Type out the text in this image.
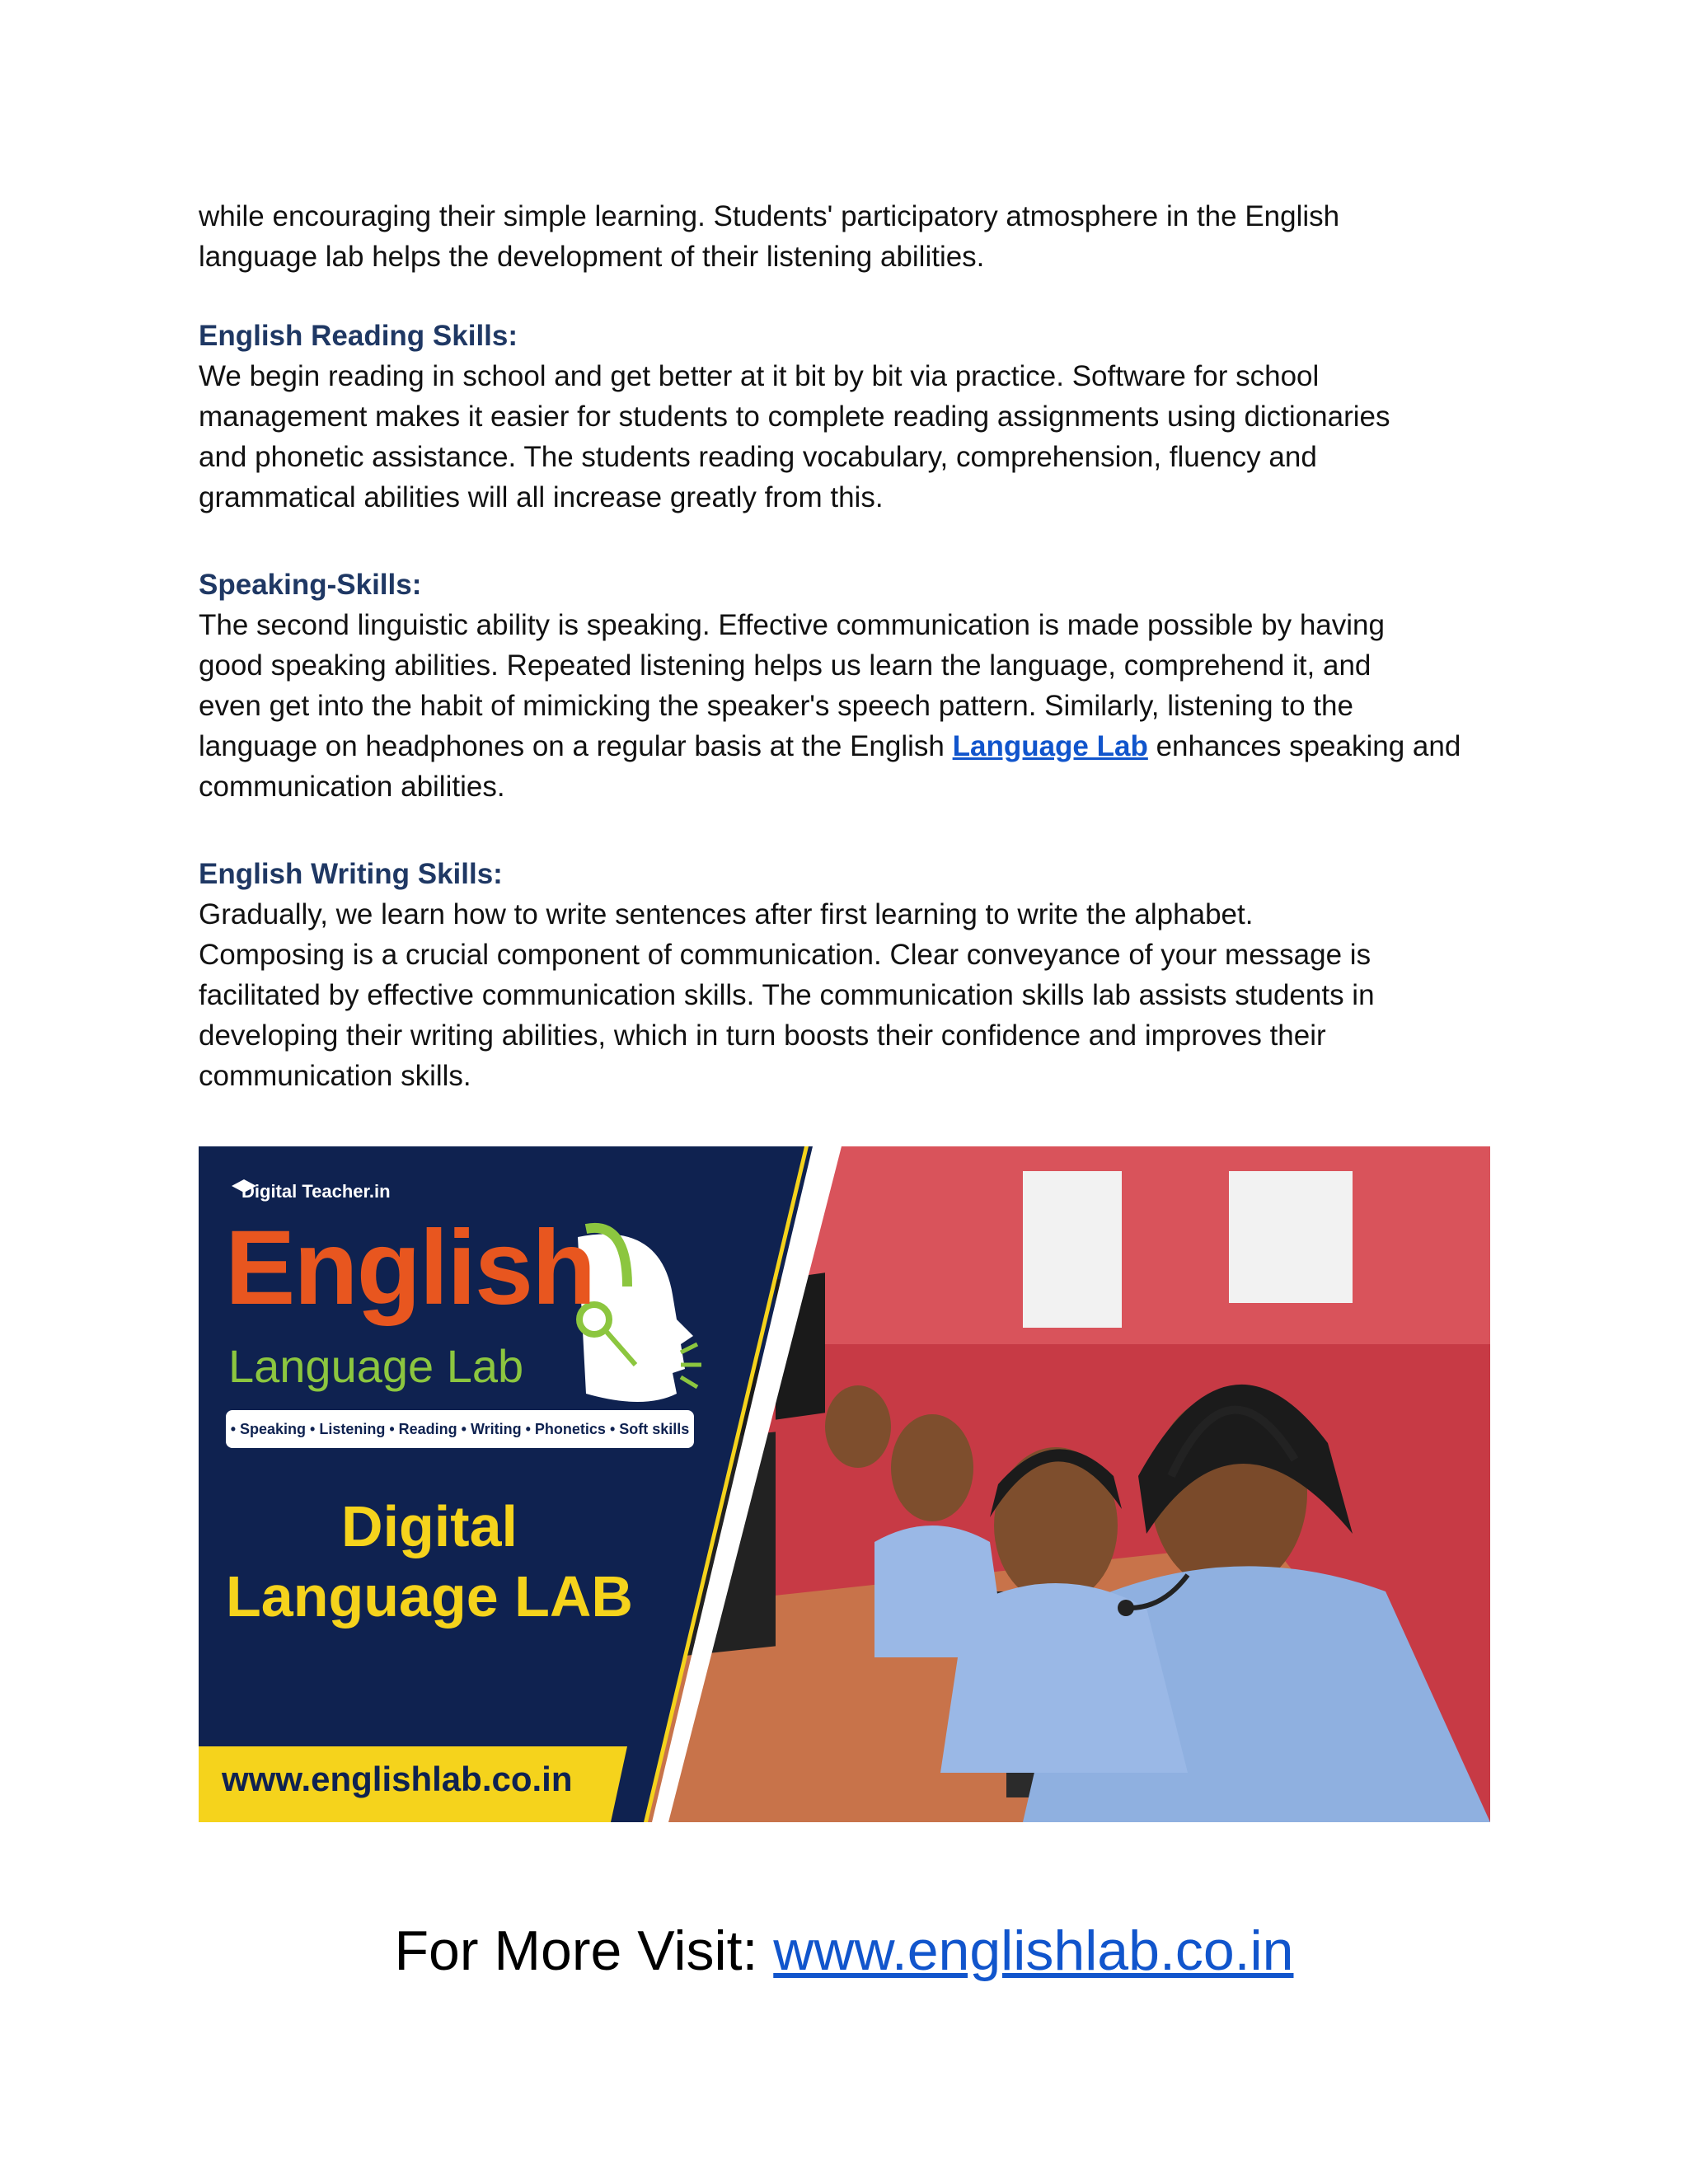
while encouraging their simple learning. Students' participatory atmosphere in the English

language lab helps the development of their listening abilities.

English Reading Skills:

We begin reading in school and get better at it bit by bit via practice. Software for school

management makes it easier for students to complete reading assignments using dictionaries

and phonetic assistance. The students reading vocabulary, comprehension, fluency and

grammatical abilities will all increase greatly from this.

Speaking-Skills:

The second linguistic ability is speaking. Effective communication is made possible by having

good speaking abilities. Repeated listening helps us learn the language, comprehend it, and

even get into the habit of mimicking the speaker's speech pattern. Similarly, listening to the

language on headphones on a regular basis at the English Language Lab enhances speaking and

communication abilities.

English Writing Skills:

Gradually, we learn how to write sentences after first learning to write the alphabet.

Composing is a crucial component of communication. Clear conveyance of your message is

facilitated by effective communication skills. The communication skills lab assists students in

developing their writing abilities, which in turn boosts their confidence and improves their

communication skills.

Digital Teacher.in

English

Language Lab

• Speaking • Listening • Reading • Writing • Phonetics • Soft skills

Digital

Language LAB

www.englishlab.co.in

For More Visit: www.englishlab.co.in
